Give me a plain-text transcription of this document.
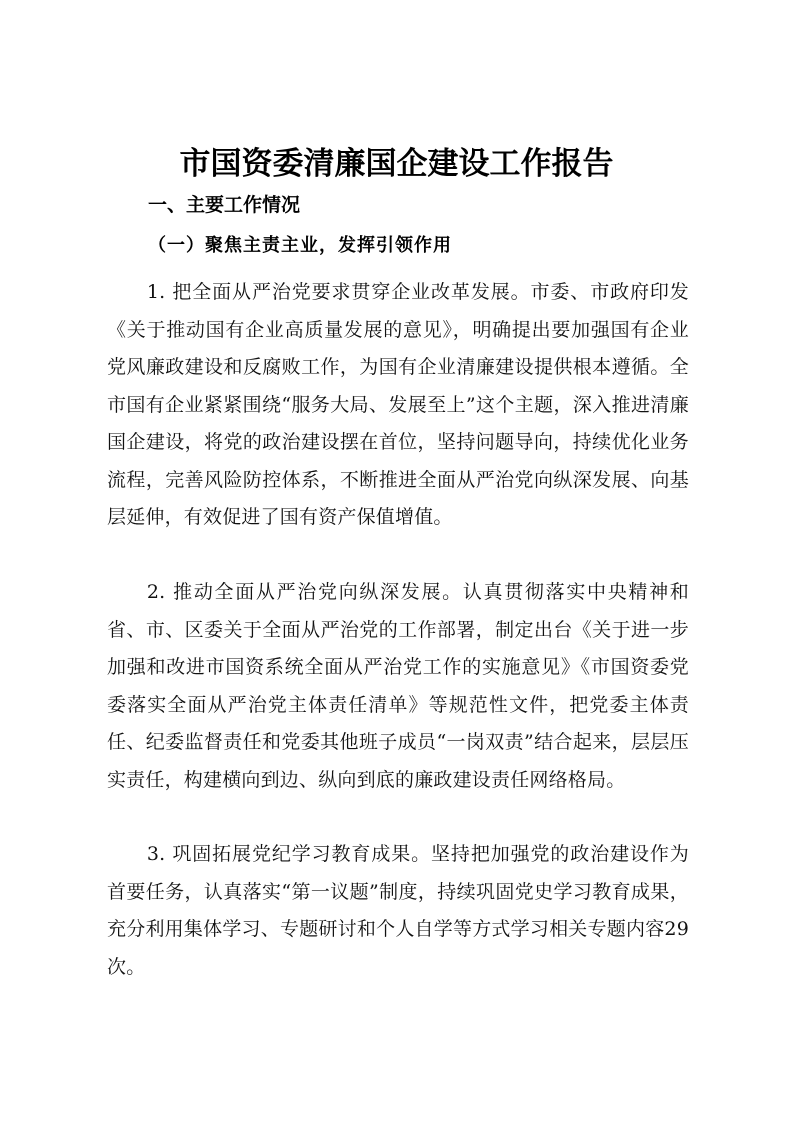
市国资委清廉国企建设工作报告
一、主要工作情况
（一）聚焦主责主业，发挥引领作用

1. 把全面从严治党要求贯穿企业改革发展。市委、市政府印发《关于推动国有企业高质量发展的意见》，明确提出要加强国有企业党风廉政建设和反腐败工作，为国有企业清廉建设提供根本遵循。全市国有企业紧紧围绕“服务大局、发展至上”这个主题，深入推进清廉国企建设，将党的政治建设摆在首位，坚持问题导向，持续优化业务流程，完善风险防控体系，不断推进全面从严治党向纵深发展、向基层延伸，有效促进了国有资产保值增值。

2. 推动全面从严治党向纵深发展。认真贯彻落实中央精神和省、市、区委关于全面从严治党的工作部署，制定出台《关于进一步加强和改进市国资系统全面从严治党工作的实施意见》《市国资委党委落实全面从严治党主体责任清单》等规范性文件，把党委主体责任、纪委监督责任和党委其他班子成员“一岗双责”结合起来，层层压实责任，构建横向到边、纵向到底的廉政建设责任网络格局。

3. 巩固拓展党纪学习教育成果。坚持把加强党的政治建设作为首要任务，认真落实“第一议题”制度，持续巩固党史学习教育成果，充分利用集体学习、专题研讨和个人自学等方式学习相关专题内容29次。
